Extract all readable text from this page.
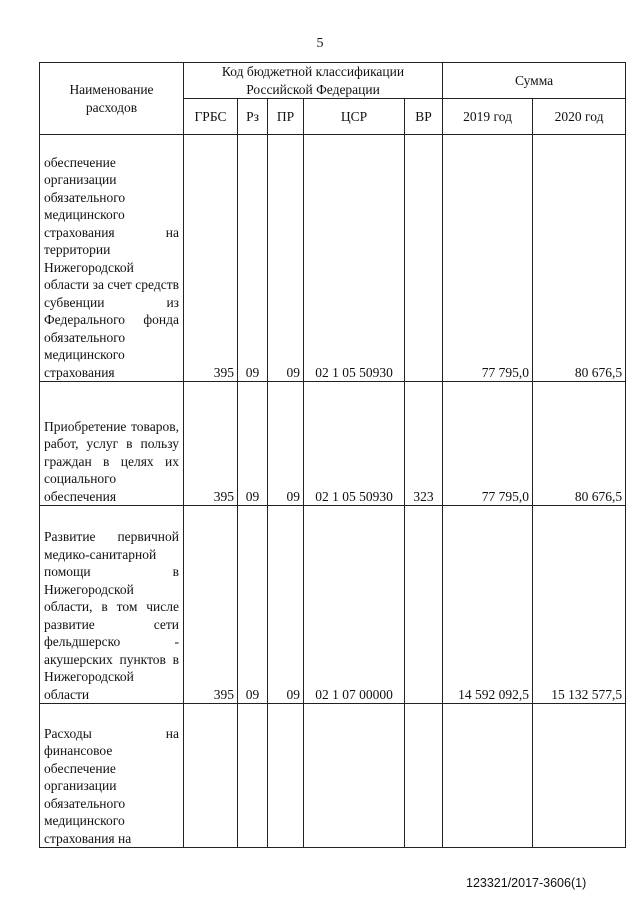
5
Наименование расходов	Код бюджетной классификации Российской Федерации					Сумма	
	ГРБС	Рз	ПР	ЦСР	ВР	2019 год	2020 год
обеспечение организации обязательного медицинского страхования на территории Нижегородской области за счет средств субвенции из Федерального фонда обязательного медицинского страхования	395	09	09	02 1 05 50930		77 795,0	80 676,5
Приобретение товаров, работ, услуг в пользу граждан в целях их социального обеспечения	395	09	09	02 1 05 50930	323	77 795,0	80 676,5
Развитие первичной медико-санитарной помощи в Нижегородской области, в том числе развитие сети фельдшерско - акушерских пунктов в Нижегородской области	395	09	09	02 1 07 00000		14 592 092,5	15 132 577,5
Расходы на финансовое обеспечение организации обязательного медицинского страхования на							
123321/2017-3606(1)
